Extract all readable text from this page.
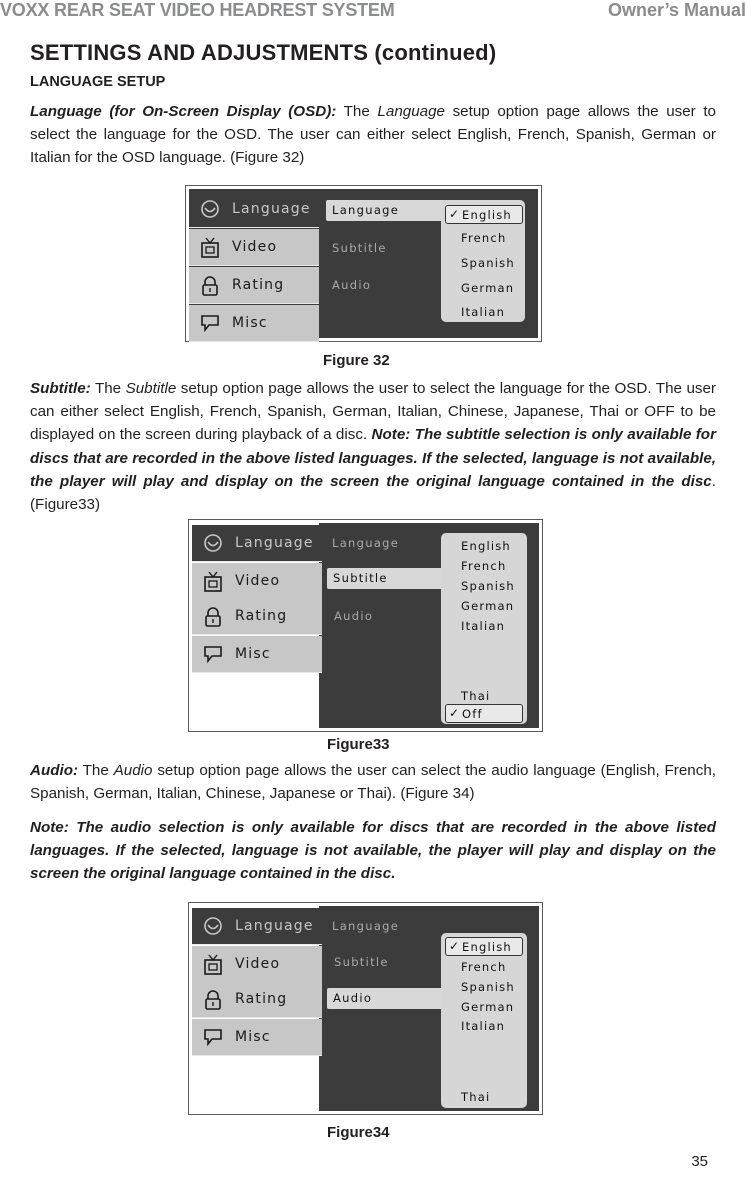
VOXX REAR SEAT VIDEO HEADREST SYSTEM	Owner’s Manual
SETTINGS AND ADJUSTMENTS (continued)
LANGUAGE SETUP
Language (for On-Screen Display (OSD): The Language setup option page allows the user to select the language for the OSD. The user can either select English, French, Spanish, German or Italian for the OSD language. (Figure 32)
Language
Video
Rating
Misc
Language
Subtitle
Audio
✓ English
French
Spanish
German
Italian
Figure 32
Subtitle: The Subtitle setup option page allows the user to select the language for the OSD. The user can either select English, French, Spanish, German, Italian, Chinese, Japanese, Thai or OFF to be displayed on the screen during playback of a disc. Note: The subtitle selection is only available for discs that are recorded in the above listed languages. If the selected, language is not available, the player will play and display on the screen the original language contained in the disc. (Figure33)
Language
Video
Rating
Misc
Language
Subtitle
Audio
English
French
Spanish
German
Italian
Thai
✓ Off
Figure33
Audio: The Audio setup option page allows the user can select the audio language (English, French, Spanish, German, Italian, Chinese, Japanese or Thai). (Figure 34)
Note: The audio selection is only available for discs that are recorded in the above listed languages. If the selected, language is not available, the player will play and display on the screen the original language contained in the disc.
Language
Video
Rating
Misc
Language
Subtitle
Audio
✓ English
French
Spanish
German
Italian
Thai
Figure34
35
